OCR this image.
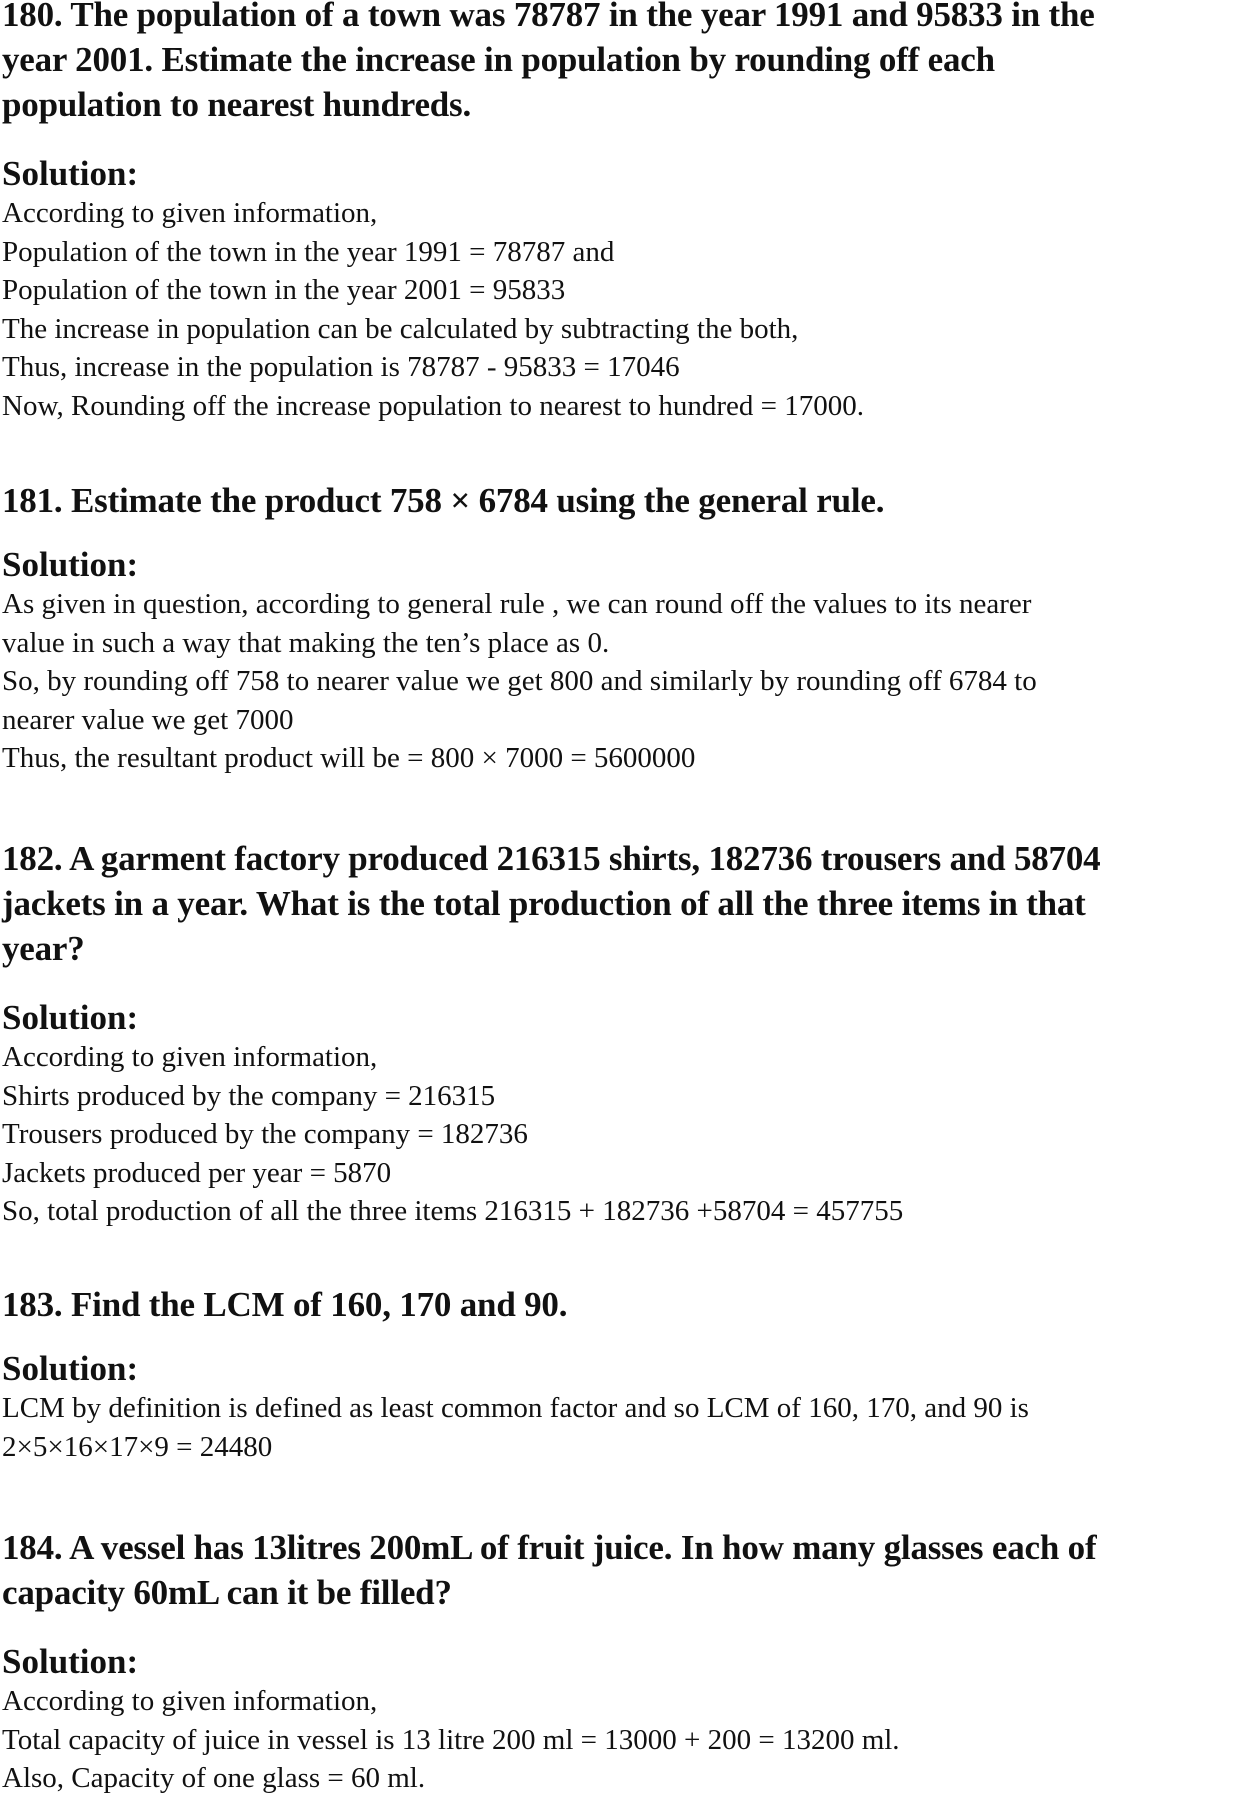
180. The population of a town was 78787 in the year 1991 and 95833 in the
year 2001. Estimate the increase in population by rounding off each
population to nearest hundreds.
Solution:
According to given information,
Population of the town in the year 1991 = 78787 and
Population of the town in the year 2001 = 95833
The increase in population can be calculated by subtracting the both,
Thus, increase in the population is 78787 - 95833 = 17046
Now, Rounding off the increase population to nearest to hundred = 17000.
181. Estimate the product 758 × 6784 using the general rule.
Solution:
As given in question, according to general rule , we can round off the values to its nearer
value in such a way that making the ten’s place as 0.
So, by rounding off 758 to nearer value we get 800 and similarly by rounding off 6784 to
nearer value we get 7000
Thus, the resultant product will be = 800 × 7000 = 5600000
182. A garment factory produced 216315 shirts, 182736 trousers and 58704
jackets in a year. What is the total production of all the three items in that
year?
Solution:
According to given information,
Shirts produced by the company = 216315
Trousers produced by the company = 182736
Jackets produced per year = 5870
So, total production of all the three items 216315 + 182736 +58704 = 457755
183. Find the LCM of 160, 170 and 90.
Solution:
LCM by definition is defined as least common factor and so LCM of 160, 170, and 90 is
2×5×16×17×9 = 24480
184. A vessel has 13litres 200mL of fruit juice. In how many glasses each of
capacity 60mL can it be filled?
Solution:
According to given information,
Total capacity of juice in vessel is 13 litre 200 ml = 13000 + 200 = 13200 ml.
Also, Capacity of one glass = 60 ml.
